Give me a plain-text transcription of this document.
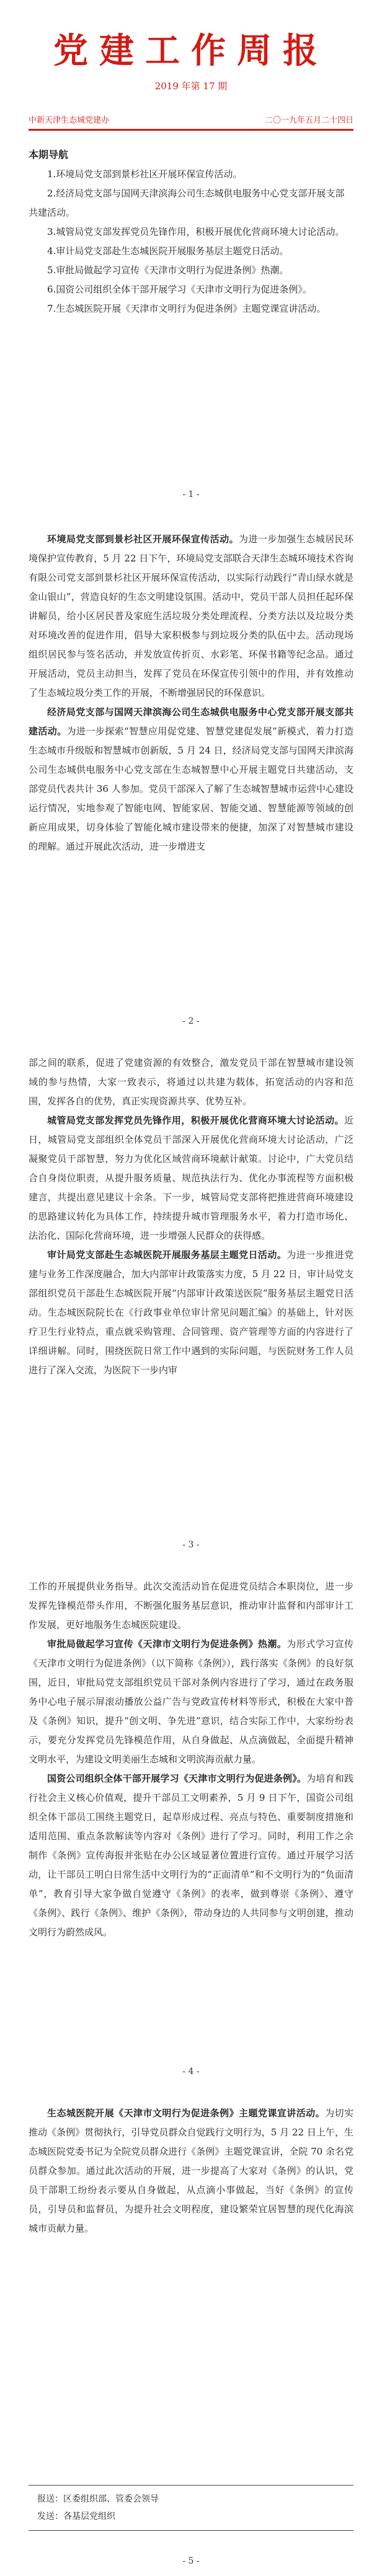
党建工作周报
2019 年第 17 期
中新天津生态城党建办	二〇一九年五月二十四日
本期导航
1.环境局党支部到景杉社区开展环保宣传活动。
2.经济局党支部与国网天津滨海公司生态城供电服务中心党支部开展支部共建活动。
3.城管局党支部发挥党员先锋作用，积极开展优化营商环境大讨论活动。
4.审计局党支部赴生态城医院开展服务基层主题党日活动。
5.审批局做起学习宣传《天津市文明行为促进条例》热潮。
6.国资公司组织全体干部开展学习《天津市文明行为促进条例》。
7.生态城医院开展《天津市文明行为促进条例》主题党课宣讲活动。
- 1 -

环境局党支部到景杉社区开展环保宣传活动。为进一步加强生态城居民环境保护宣传教育，5 月 22 日下午，环境局党支部联合天津生态城环境技术咨询有限公司党支部到景杉社区开展环保宣传活动，以实际行动践行“青山绿水就是金山银山”，营造良好的生态文明建设氛围。活动中，党员干部人员担任起环保讲解员，给小区居民普及家庭生活垃圾分类处理流程、分类方法以及垃圾分类对环境改善的促进作用，倡导大家积极参与到垃圾分类的队伍中去。活动现场组织居民参与签名活动，并发放宣传折页、水彩笔、环保书籍等纪念品。通过开展活动，党员主动担当，发挥了党员在环保宣传引领中的作用，并有效推动了生态城垃圾分类工作的开展，不断增强居民的环保意识。

经济局党支部与国网天津滨海公司生态城供电服务中心党支部开展支部共建活动。为进一步探索“智慧应用促党建、智慧党建促发展”新模式，着力打造生态城市升级版和智慧城市创新版，5 月 24 日，经济局党支部与国网天津滨海公司生态城供电服务中心党支部在生态城智慧中心开展主题党日共建活动，支部党员代表共计 36 人参加。党员干部深入了解了生态城智慧城市运营中心建设运行情况，实地参观了智能电网、智能家居、智能交通、智慧能源等领域的创新应用成果，切身体验了智能化城市建设带来的便捷，加深了对智慧城市建设的理解。通过开展此次活动，进一步增进支

- 2 -

部之间的联系，促进了党建资源的有效整合，激发党员干部在智慧城市建设领域的参与热情，大家一致表示，将通过以共建为载体，拓宽活动的内容和范围，发挥各自的优势，真正实现资源共享、优势互补。

城管局党支部发挥党员先锋作用，积极开展优化营商环境大讨论活动。近日，城管局党支部组织全体党员干部深入开展优化营商环境大讨论活动，广泛凝聚党员干部智慧，努力为优化区域营商环境献计献策。讨论中，广大党员结合自身岗位职责，从提升服务质量、规范执法行为、优化办事流程等方面积极建言，共提出意见建议十余条。下一步，城管局党支部将把推进营商环境建设的思路建议转化为具体工作，持续提升城市管理服务水平，着力打造市场化、法治化、国际化营商环境，进一步增强人民群众的获得感。

审计局党支部赴生态城医院开展服务基层主题党日活动。为进一步推进党建与业务工作深度融合，加大内部审计政策落实力度，5 月 22 日，审计局党支部组织党员干部赴生态城医院开展“内部审计政策送医院”服务基层主题党日活动。生态城医院院长在《行政事业单位审计常见问题汇编》的基础上，针对医疗卫生行业特点，重点就采购管理、合同管理、资产管理等方面的内容进行了详细讲解。同时，围绕医院日常工作中遇到的实际问题，与医院财务工作人员进行了深入交流，为医院下一步内审

- 3 -

工作的开展提供业务指导。此次交流活动旨在促进党员结合本职岗位，进一步发挥先锋模范带头作用，不断强化服务基层意识，推动审计监督和内部审计工作发展，更好地服务生态城医院建设。

审批局做起学习宣传《天津市文明行为促进条例》热潮。为形式学习宣传《天津市文明行为促进条例》（以下简称《条例》），践行落实《条例》的良好氛围，近日，审批局党支部组织党员干部对条例内容进行了学习，通过在政务服务中心电子展示屏滚动播放公益广告与党政宣传材料等形式，积极在大家中普及《条例》知识，提升“创文明、争先进”意识，结合实际工作中，大家纷纷表示，要充分发挥党员先锋模范作用，从自身做起、从点滴做起，全面提升精神文明水平，为建设文明美丽生态城和文明滨海贡献力量。

国资公司组织全体干部开展学习《天津市文明行为促进条例》。为培育和践行社会主义核心价值观，提升干部员工文明素养，5 月 9 日下午，国资公司组织全体干部员工围绕主题党日，起草形成过程、亮点与特色、重要制度措施和适用范围、重点条款解读等内容对《条例》进行了学习。同时，利用工作之余制作《条例》宣传海报并张贴在办公区域显著位置进行宣传。通过开展学习活动，让干部员工明白日常生活中文明行为的“正面清单”和不文明行为的“负面清单”，教育引导大家争做自觉遵守《条例》的表率，做到尊崇《条例》、遵守《条例》、践行《条例》、维护《条例》，带动身边的人共同参与文明创建，推动文明行为蔚然成风。

- 4 -

生态城医院开展《天津市文明行为促进条例》主题党课宣讲活动。为切实推动《条例》贯彻执行，引导党员群众自觉践行文明行为，5 月 22 日上午，生态城医院党委书记为全院党员群众进行《条例》主题党课宣讲，全院 70 余名党员群众参加。通过此次活动的开展，进一步提高了大家对《条例》的认识，党员干部职工纷纷表示要从自身做起，从点滴小事做起，当好《条例》的宣传员，引导员和监督员，为提升社会文明程度，建设繁荣宜居智慧的现代化海滨城市贡献力量。

报送：区委组织部、管委会领导
发送：各基层党组织
- 5 -
